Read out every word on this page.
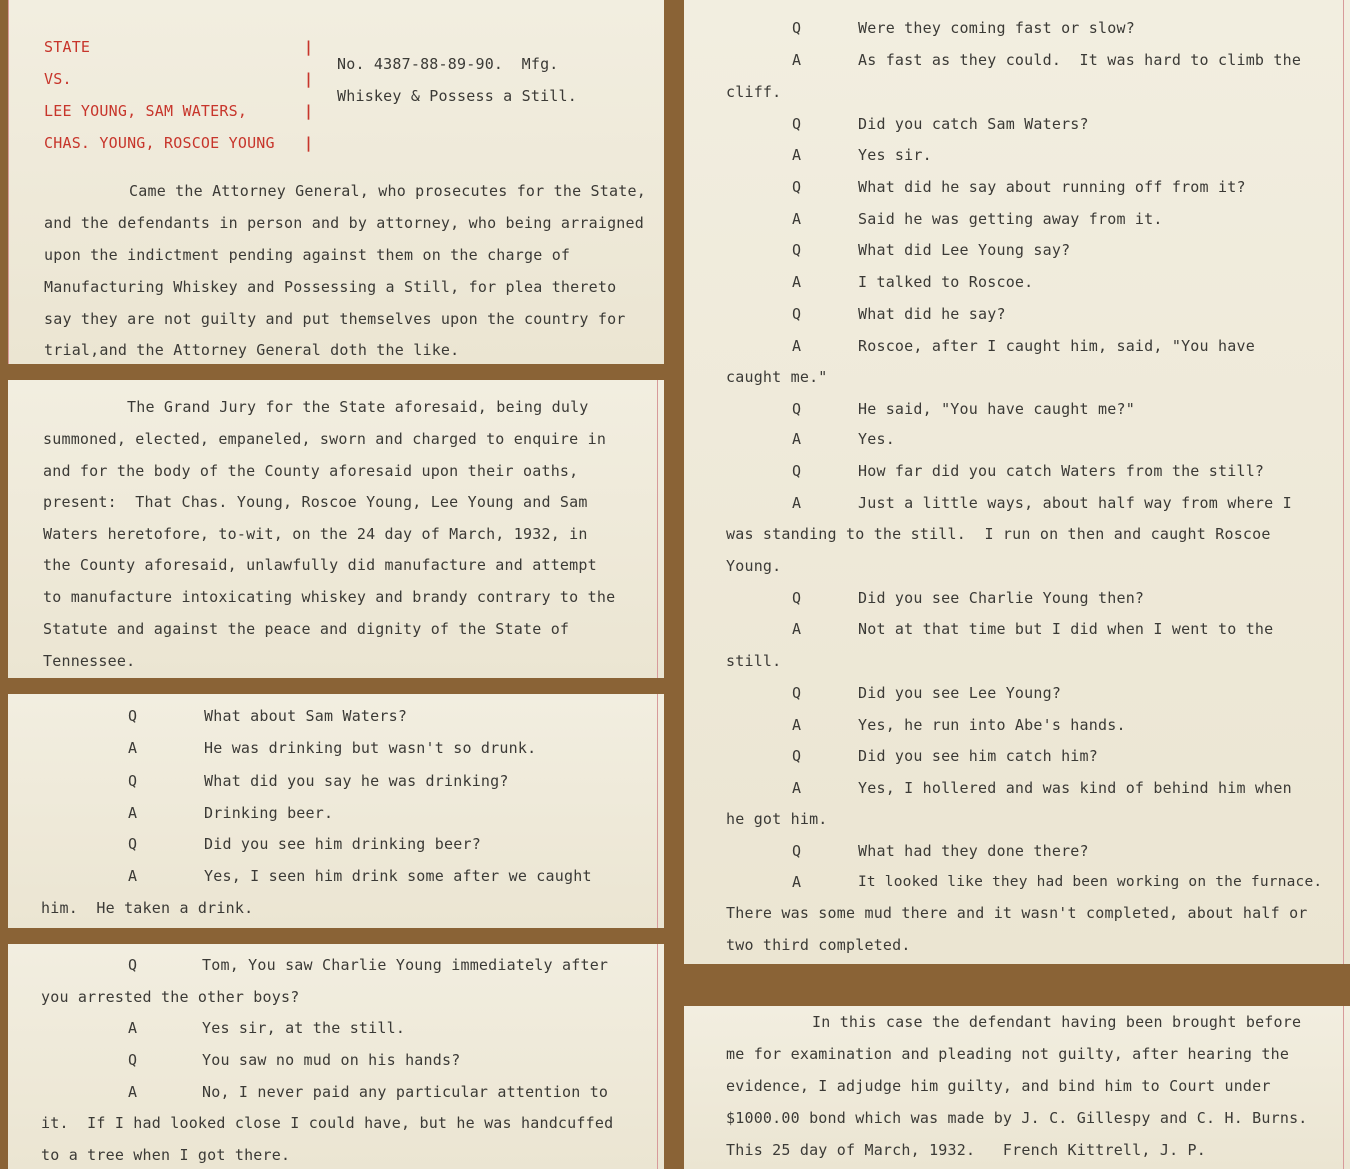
STATE
VS.
LEE YOUNG, SAM WATERS,
CHAS. YOUNG, ROSCOE YOUNG
|
|
|
|
No. 4387-88-89-90.  Mfg.
Whiskey & Possess a Still.
Came the Attorney General, who prosecutes for the State,
and the defendants in person and by attorney, who being arraigned
upon the indictment pending against them on the charge of
Manufacturing Whiskey and Possessing a Still, for plea thereto
say they are not guilty and put themselves upon the country for
trial,and the Attorney General doth the like.
The Grand Jury for the State aforesaid, being duly
summoned, elected, empaneled, sworn and charged to enquire in
and for the body of the County aforesaid upon their oaths,
present:  That Chas. Young, Roscoe Young, Lee Young and Sam
Waters heretofore, to-wit, on the 24 day of March, 1932, in
the County aforesaid, unlawfully did manufacture and attempt
to manufacture intoxicating whiskey and brandy contrary to the
Statute and against the peace and dignity of the State of
Tennessee.
Q	What about Sam Waters?
A	He was drinking but wasn't so drunk.
Q	What did you say he was drinking?
A	Drinking beer.
Q	Did you see him drinking beer?
A	Yes, I seen him drink some after we caught
him.  He taken a drink.
Q	Tom, You saw Charlie Young immediately after
you arrested the other boys?
A	Yes sir, at the still.
Q	You saw no mud on his hands?
A	No, I never paid any particular attention to
it.  If I had looked close I could have, but he was handcuffed
to a tree when I got there.
Q	Were they coming fast or slow?
A	As fast as they could.  It was hard to climb the
cliff.
Q	Did you catch Sam Waters?
A	Yes sir.
Q	What did he say about running off from it?
A	Said he was getting away from it.
Q	What did Lee Young say?
A	I talked to Roscoe.
Q	What did he say?
A	Roscoe, after I caught him, said, "You have
caught me."
Q	He said, "You have caught me?"
A	Yes.
Q	How far did you catch Waters from the still?
A	Just a little ways, about half way from where I
was standing to the still.  I run on then and caught Roscoe
Young.
Q	Did you see Charlie Young then?
A	Not at that time but I did when I went to the
still.
Q	Did you see Lee Young?
A	Yes, he run into Abe's hands.
Q	Did you see him catch him?
A	Yes, I hollered and was kind of behind him when
he got him.
Q	What had they done there?
A	It looked like they had been working on the furnace.
There was some mud there and it wasn't completed, about half or
two third completed.
In this case the defendant having been brought before
me for examination and pleading not guilty, after hearing the
evidence, I adjudge him guilty, and bind him to Court under
$1000.00 bond which was made by J. C. Gillespy and C. H. Burns.
This 25 day of March, 1932.   French Kittrell, J. P.
